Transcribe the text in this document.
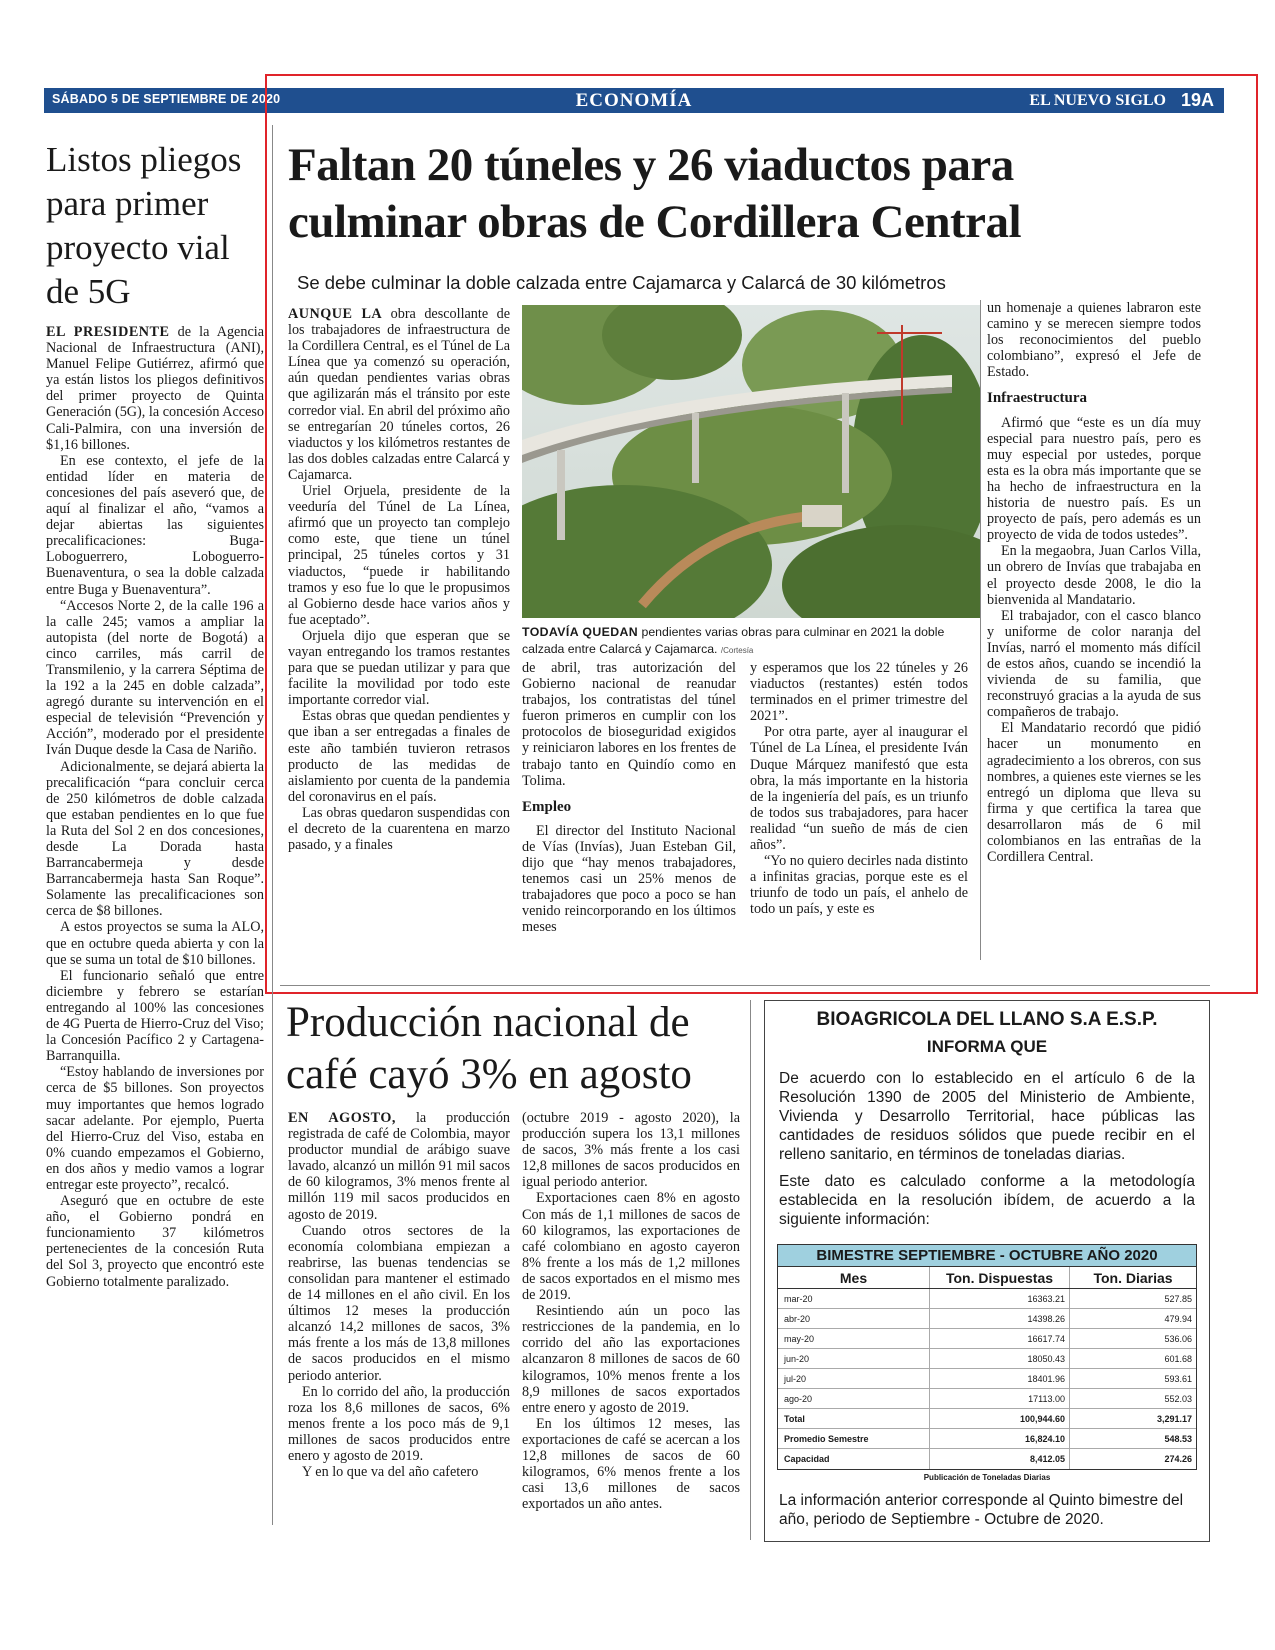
SÁBADO 5 DE SEPTIEMBRE DE 2020	ECONOMÍA	EL NUEVO SIGLO 19A
Listos pliegos para primer proyecto vial de 5G

EL PRESIDENTE de la Agencia Nacional de Infraestructura (ANI), Manuel Felipe Gutiérrez, afirmó que ya están listos los pliegos definitivos del primer proyecto de Quinta Generación (5G), la concesión Acceso Cali-Palmira, con una inversión de $1,16 billones.

En ese contexto, el jefe de la entidad líder en materia de concesiones del país aseveró que, de aquí al finalizar el año, “vamos a dejar abiertas las siguientes precalificaciones: Buga-Loboguerrero, Loboguerro-Buenaventura, o sea la doble calzada entre Buga y Buenaventura”.

“Accesos Norte 2, de la calle 196 a la calle 245; vamos a ampliar la autopista (del norte de Bogotá) a cinco carriles, más carril de Transmilenio, y la carrera Séptima de la 192 a la 245 en doble calzada”, agregó durante su intervención en el especial de televisión “Prevención y Acción”, moderado por el presidente Iván Duque desde la Casa de Nariño.

Adicionalmente, se dejará abierta la precalificación “para concluir cerca de 250 kilómetros de doble calzada que estaban pendientes en lo que fue la Ruta del Sol 2 en dos concesiones, desde La Dorada hasta Barrancabermeja y desde Barrancabermeja hasta San Roque”. Solamente las precalificaciones son cerca de $8 billones.

A estos proyectos se suma la ALO, que en octubre queda abierta y con la que se suma un total de $10 billones.

El funcionario señaló que entre diciembre y febrero se estarían entregando al 100% las concesiones de 4G Puerta de Hierro-Cruz del Viso; la Concesión Pacífico 2 y Cartagena-Barranquilla.

“Estoy hablando de inversiones por cerca de $5 billones. Son proyectos muy importantes que hemos logrado sacar adelante. Por ejemplo, Puerta del Hierro-Cruz del Viso, estaba en 0% cuando empezamos el Gobierno, en dos años y medio vamos a lograr entregar este proyecto”, recalcó.

Aseguró que en octubre de este año, el Gobierno pondrá en funcionamiento 37 kilómetros pertenecientes de la concesión Ruta del Sol 3, proyecto que encontró este Gobierno totalmente paralizado.

Faltan 20 túneles y 26 viaductos para
culminar obras de Cordillera Central
Se debe culminar la doble calzada entre Cajamarca y Calarcá de 30 kilómetros

AUNQUE LA obra descollante de los trabajadores de infraestructura de la Cordillera Central, es el Túnel de La Línea que ya comenzó su operación, aún quedan pendientes varias obras que agilizarán más el tránsito por este corredor vial. En abril del próximo año se entregarían 20 túneles cortos, 26 viaductos y los kilómetros restantes de las dos dobles calzadas entre Calarcá y Cajamarca.

Uriel Orjuela, presidente de la veeduría del Túnel de La Línea, afirmó que un proyecto tan complejo como este, que tiene un túnel principal, 25 túneles cortos y 31 viaductos, “puede ir habilitando tramos y eso fue lo que le propusimos al Gobierno desde hace varios años y fue aceptado”.

Orjuela dijo que esperan que se vayan entregando los tramos restantes para que se puedan utilizar y para que facilite la movilidad por todo este importante corredor vial.

Estas obras que quedan pendientes y que iban a ser entregadas a finales de este año también tuvieron retrasos producto de las medidas de aislamiento por cuenta de la pandemia del coronavirus en el país.

Las obras quedaron suspendidas con el decreto de la cuarentena en marzo pasado, y a finales

TODAVÍA QUEDAN pendientes varias obras para culminar en 2021 la doble calzada entre Calarcá y Cajamarca. /Cortesía

de abril, tras autorización del Gobierno nacional de reanudar trabajos, los contratistas del túnel fueron primeros en cumplir con los protocolos de bioseguridad exigidos y reiniciaron labores en los frentes de trabajo tanto en Quindío como en Tolima.

Empleo

El director del Instituto Nacional de Vías (Invías), Juan Esteban Gil, dijo que “hay menos trabajadores, tenemos casi un 25% menos de trabajadores que poco a poco se han venido reincorporando en los últimos meses

y esperamos que los 22 túneles y 26 viaductos (restantes) estén todos terminados en el primer trimestre del 2021”.

Por otra parte, ayer al inaugurar el Túnel de La Línea, el presidente Iván Duque Márquez manifestó que esta obra, la más importante en la historia de la ingeniería del país, es un triunfo de todos sus trabajadores, para hacer realidad “un sueño de más de cien años”.

“Yo no quiero decirles nada distinto a infinitas gracias, porque este es el triunfo de todo un país, el anhelo de todo un país, y este es

un homenaje a quienes labraron este camino y se merecen siempre todos los reconocimientos del pueblo colombiano”, expresó el Jefe de Estado.

Infraestructura

Afirmó que “este es un día muy especial para nuestro país, pero es muy especial por ustedes, porque esta es la obra más importante que se ha hecho de infraestructura en la historia de nuestro país. Es un proyecto de país, pero además es un proyecto de vida de todos ustedes”.

En la megaobra, Juan Carlos Villa, un obrero de Invías que trabajaba en el proyecto desde 2008, le dio la bienvenida al Mandatario.

El trabajador, con el casco blanco y uniforme de color naranja del Invías, narró el momento más difícil de estos años, cuando se incendió la vivienda de su familia, que reconstruyó gracias a la ayuda de sus compañeros de trabajo.

El Mandatario recordó que pidió hacer un monumento en agradecimiento a los obreros, con sus nombres, a quienes este viernes se les entregó un diploma que lleva su firma y que certifica la tarea que desarrollaron más de 6 mil colombianos en las entrañas de la Cordillera Central.

Producción nacional de
café cayó 3% en agosto

EN AGOSTO, la producción registrada de café de Colombia, mayor productor mundial de arábigo suave lavado, alcanzó un millón 91 mil sacos de 60 kilogramos, 3% menos frente al millón 119 mil sacos producidos en agosto de 2019.

Cuando otros sectores de la economía colombiana empiezan a reabrirse, las buenas tendencias se consolidan para mantener el estimado de 14 millones en el año civil. En los últimos 12 meses la producción alcanzó 14,2 millones de sacos, 3% más frente a los más de 13,8 millones de sacos producidos en el mismo periodo anterior.

En lo corrido del año, la producción roza los 8,6 millones de sacos, 6% menos frente a los poco más de 9,1 millones de sacos producidos entre enero y agosto de 2019.

Y en lo que va del año cafetero

(octubre 2019 - agosto 2020), la producción supera los 13,1 millones de sacos, 3% más frente a los casi 12,8 millones de sacos producidos en igual periodo anterior.

Exportaciones caen 8% en agosto Con más de 1,1 millones de sacos de 60 kilogramos, las exportaciones de café colombiano en agosto cayeron 8% frente a los más de 1,2 millones de sacos exportados en el mismo mes de 2019.

Resintiendo aún un poco las restricciones de la pandemia, en lo corrido del año las exportaciones alcanzaron 8 millones de sacos de 60 kilogramos, 10% menos frente a los 8,9 millones de sacos exportados entre enero y agosto de 2019.

En los últimos 12 meses, las exportaciones de café se acercan a los 12,8 millones de sacos de 60 kilogramos, 6% menos frente a los casi 13,6 millones de sacos exportados un año antes.

BIOAGRICOLA DEL LLANO S.A E.S.P.
INFORMA QUE
De acuerdo con lo establecido en el artículo 6 de la Resolución 1390 de 2005 del Ministerio de Ambiente, Vivienda y Desarrollo Territorial, hace públicas las cantidades de residuos sólidos que puede recibir en el relleno sanitario, en términos de toneladas diarias.
Este dato es calculado conforme a la metodología establecida en la resolución ibídem, de acuerdo a la siguiente información:
BIMESTRE SEPTIEMBRE - OCTUBRE AÑO 2020
Mes	Ton. Dispuestas	Ton. Diarias
mar-20	16363.21	527.85
abr-20	14398.26	479.94
may-20	16617.74	536.06
jun-20	18050.43	601.68
jul-20	18401.96	593.61
ago-20	17113.00	552.03
Total	100,944.60	3,291.17
Promedio Semestre	16,824.10	548.53
Capacidad	8,412.05	274.26
Publicación de Toneladas Diarias
La información anterior corresponde al Quinto bimestre del año, periodo de Septiembre - Octubre de 2020.
